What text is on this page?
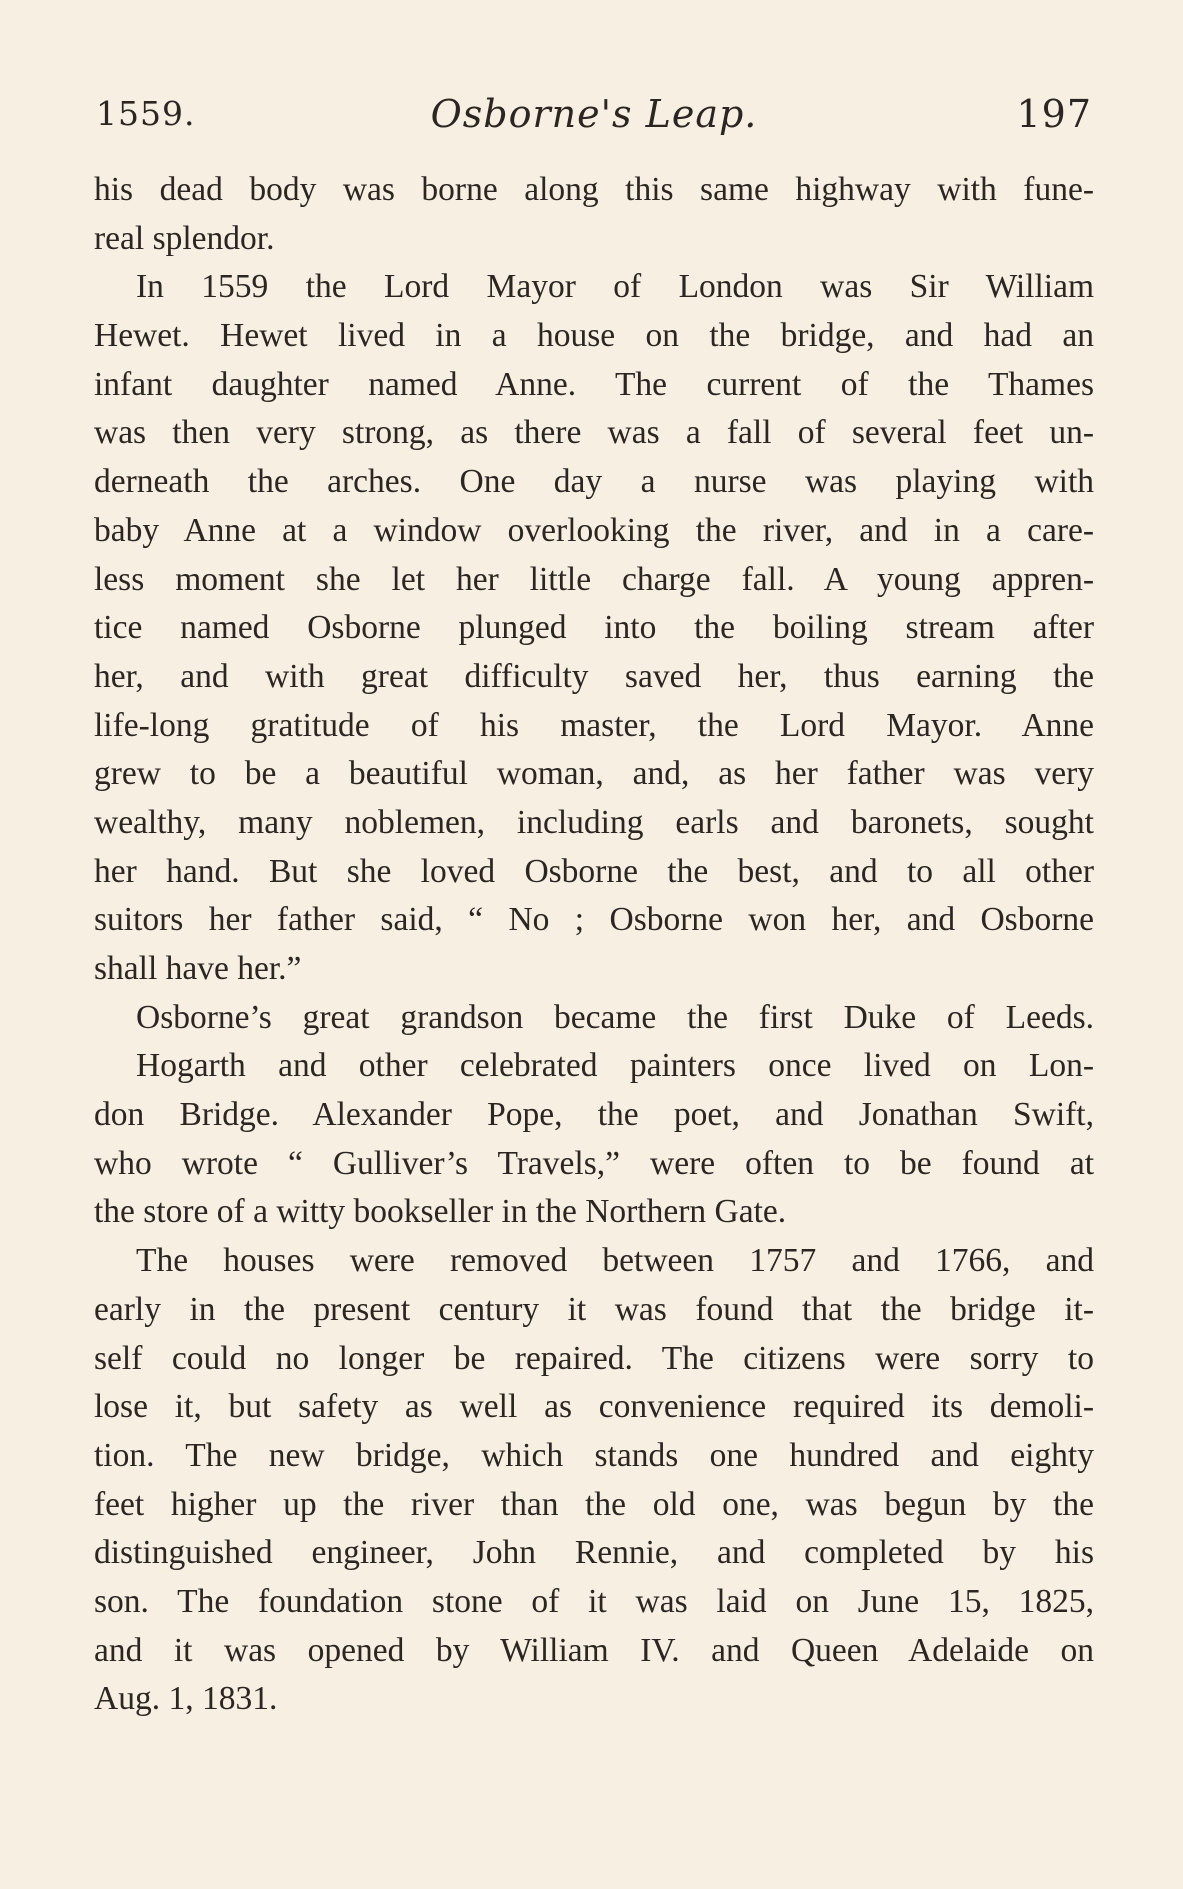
1559.	Osborne's Leap.	197
his dead body was borne along this same highway with fune-
real splendor.
In 1559 the Lord Mayor of London was Sir William
Hewet. Hewet lived in a house on the bridge, and had an
infant daughter named Anne. The current of the Thames
was then very strong, as there was a fall of several feet un-
derneath the arches. One day a nurse was playing with
baby Anne at a window overlooking the river, and in a care-
less moment she let her little charge fall. A young appren-
tice named Osborne plunged into the boiling stream after
her, and with great difficulty saved her, thus earning the
life-long gratitude of his master, the Lord Mayor. Anne
grew to be a beautiful woman, and, as her father was very
wealthy, many noblemen, including earls and baronets, sought
her hand. But she loved Osborne the best, and to all other
suitors her father said, “ No ; Osborne won her, and Osborne
shall have her.”
Osborne’s great grandson became the first Duke of Leeds.
Hogarth and other celebrated painters once lived on Lon-
don Bridge. Alexander Pope, the poet, and Jonathan Swift,
who wrote “ Gulliver’s Travels,” were often to be found at
the store of a witty bookseller in the Northern Gate.
The houses were removed between 1757 and 1766, and
early in the present century it was found that the bridge it-
self could no longer be repaired. The citizens were sorry to
lose it, but safety as well as convenience required its demoli-
tion. The new bridge, which stands one hundred and eighty
feet higher up the river than the old one, was begun by the
distinguished engineer, John Rennie, and completed by his
son. The foundation stone of it was laid on June 15, 1825,
and it was opened by William IV. and Queen Adelaide on
Aug. 1, 1831.
